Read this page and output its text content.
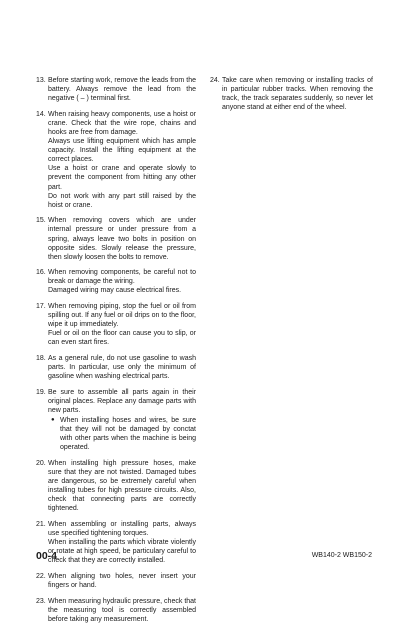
13. Before starting work, remove the leads from the battery. Always remove the lead from the negative ( – ) terminal first.

14. When raising heavy components, use a hoist or crane. Check that the wire rope, chains and hooks are free from damage.

Always use lifting equipment which has ample capacity. Install the lifting equipment at the correct places.

Use a hoist or crane and operate slowly to prevent the component from hitting any other part.

Do not work with any part still raised by the hoist or crane.

15. When removing covers which are under internal pressure or under pressure from a spring, always leave two bolts in position on opposite sides. Slowly release the pressure, then slowly loosen the bolts to remove.

16. When removing components, be careful not to break or damage the wiring.

Damaged wiring may cause electrical fires.

17. When removing piping, stop the fuel or oil from spilling out. If any fuel or oil drips on to the floor, wipe it up immediately.

Fuel or oil on the floor can cause you to slip, or can even start fires.

18. As a general rule, do not use gasoline to wash parts. In particular, use only the minimum of gasoline when washing electrical parts.

19. Be sure to assemble all parts again in their original places. Replace any damage parts with new parts.

● When installing hoses and wires, be sure that they will not be damaged by conctat with other parts when the machine is being operated.
20. When installing high pressure hoses, make sure that they are not twisted. Damaged tubes are dangerous, so be extremely careful when installing tubes for high pressure circuits. Also, check that connecting parts are correctly tightened.

21. When assembling or installing parts, always use specified tightening torques.

When installing the parts which vibrate violently or rotate at high speed, be particulary careful to check that they are correctly installed.

22. When aligning two holes, never insert your fingers or hand.

23. When measuring hydraulic pressure, check that the measuring tool is correctly assembled before taking any measurement.

24. Take care when removing or installing tracks of in particular rubber tracks. When removing the track, the track separates suddenly, so never let anyone stand at either end of the wheel.

00-4	WB140-2 WB150-2
